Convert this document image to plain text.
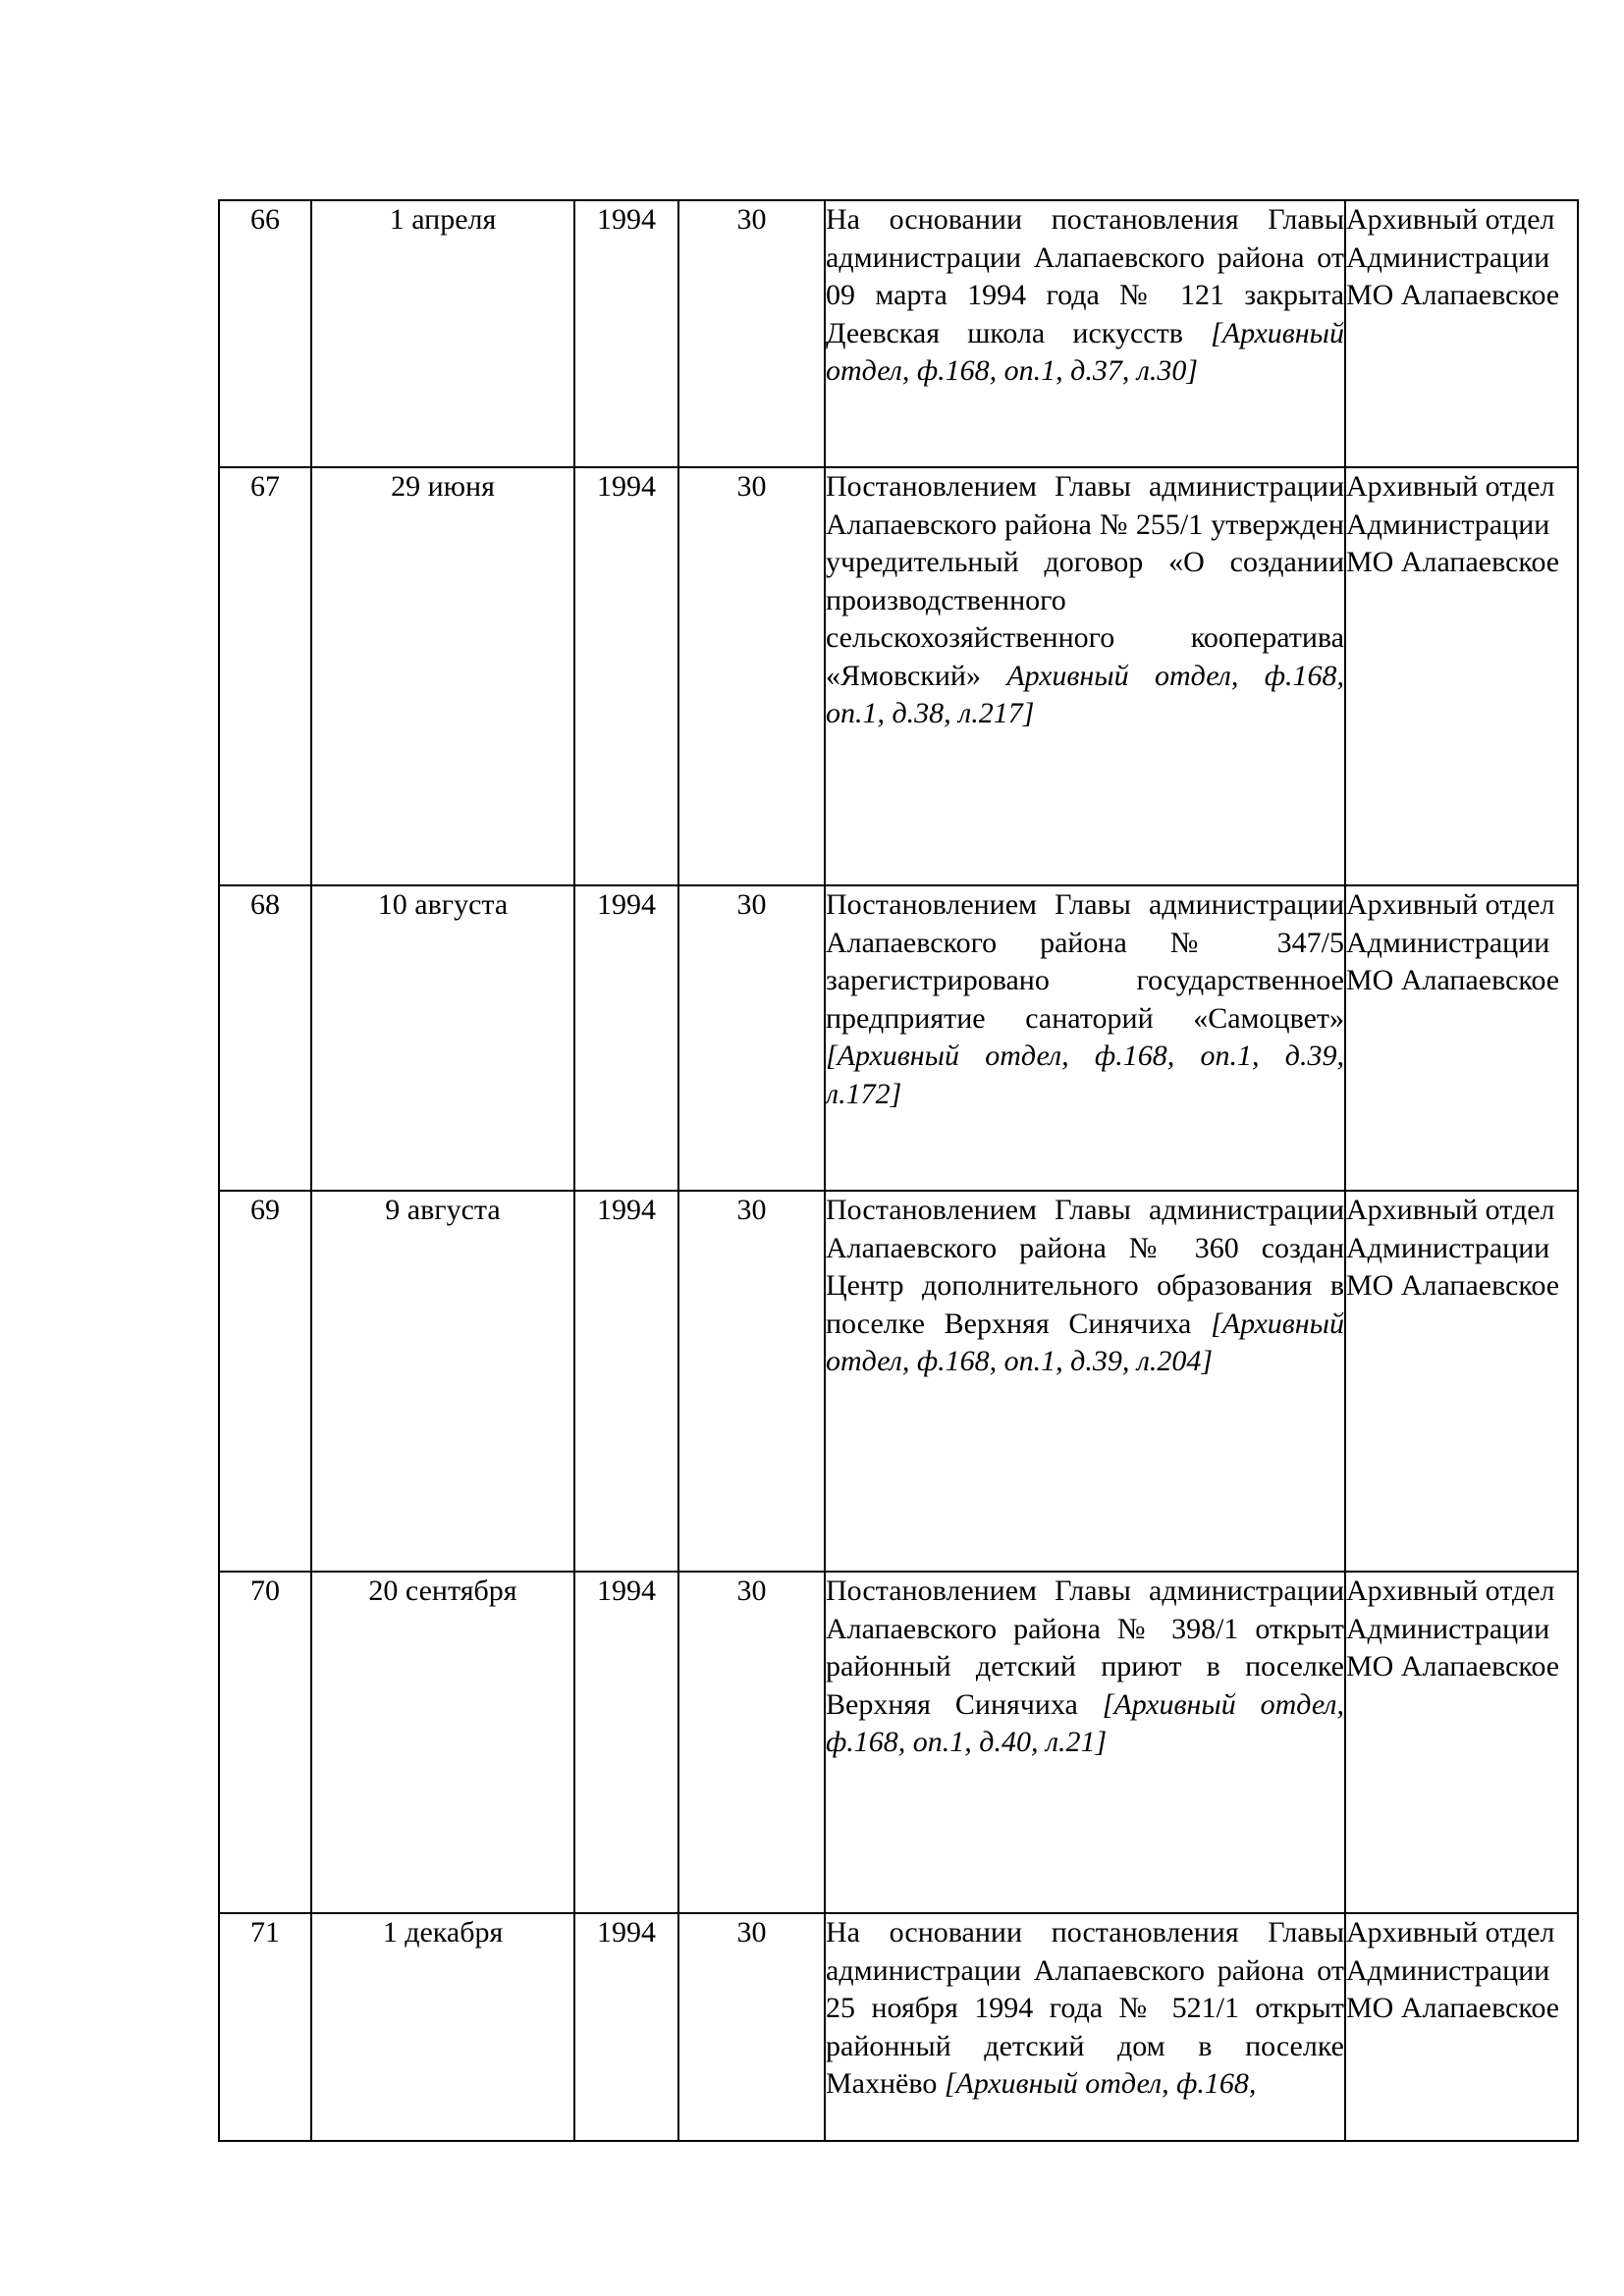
66	1 апреля	1994	30	На основании постановления Главы администрации Алапаевского района от 09 марта 1994 года № 121 закрыта Деевская школа искусств [Архивный отдел, ф.168, оп.1, д.37, л.30]	Архивный отдел Администрации МО Алапаевское
67	29 июня	1994	30	Постановлением Главы администрации Алапаевского района № 255/1 утвержден учредительный договор «О создании производственного сельскохозяйственного кооператива «Ямовский» Архивный отдел, ф.168, оп.1, д.38, л.217]	Архивный отдел Администрации МО Алапаевское
68	10 августа	1994	30	Постановлением Главы администрации Алапаевского района № 347/5 зарегистрировано государственное предприятие санаторий «Самоцвет» [Архивный отдел, ф.168, оп.1, д.39, л.172]	Архивный отдел Администрации МО Алапаевское
69	9 августа	1994	30	Постановлением Главы администрации Алапаевского района № 360 создан Центр дополнительного образования в поселке Верхняя Синячиха [Архивный отдел, ф.168, оп.1, д.39, л.204]	Архивный отдел Администрации МО Алапаевское
70	20 сентября	1994	30	Постановлением Главы администрации Алапаевского района № 398/1 открыт районный детский приют в поселке Верхняя Синячиха [Архивный отдел, ф.168, оп.1, д.40, л.21]	Архивный отдел Администрации МО Алапаевское
71	1 декабря	1994	30	На основании постановления Главы администрации Алапаевского района от 25 ноября 1994 года № 521/1 открыт районный детский дом в поселке Махнёво [Архивный отдел, ф.168,	Архивный отдел Администрации МО Алапаевское
